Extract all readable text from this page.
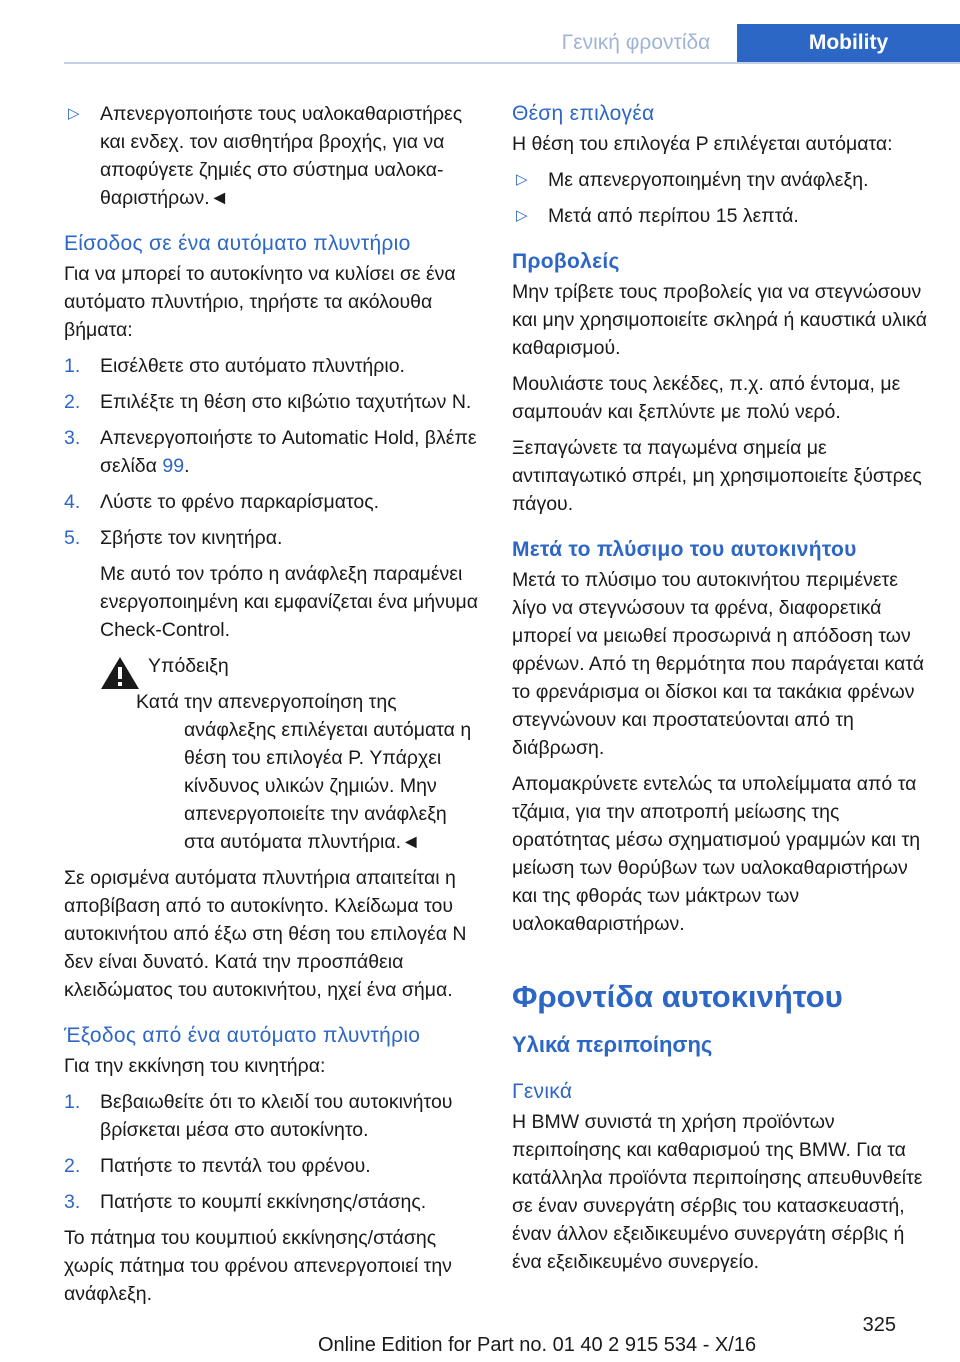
Γενική φροντίδα	Mobility
▷ Απενεργοποιήστε τους υαλοκαθαριστήρες και ενδεχ. τον αισθητήρα βροχής, για να αποφύγετε ζημιές στο σύστημα υαλοκα‐θαριστήρων.◄
Είσοδος σε ένα αυτόματο πλυντήριο

Για να μπορεί το αυτοκίνητο να κυλίσει σε ένα αυτόματο πλυντήριο, τηρήστε τα ακόλουθα βήματα:

1. Εισέλθετε στο αυτόματο πλυντήριο.
2. Επιλέξτε τη θέση στο κιβώτιο ταχυτήτων N.
3. Απενεργοποιήστε το Automatic Hold, βλέπε σελίδα 99.
4. Λύστε το φρένο παρκαρίσματος.
5. Σβήστε τον κινητήρα.
Με αυτό τον τρόπο η ανάφλεξη παραμένει ενεργοποιημένη και εμφανίζεται ένα μήνυμα Check-Control.
Υπόδειξη
Κατά την απενεργοποίηση της ανάφλεξης επιλέγεται αυτόματα η θέση του επιλογέα P. Υπάρχει κίνδυνος υλικών ζημιών. Μην απενεργοποιείτε την ανάφλεξη στα αυτόματα πλυντήρια.◄

Σε ορισμένα αυτόματα πλυντήρια απαιτείται η αποβίβαση από το αυτοκίνητο. Κλείδωμα του αυτοκινήτου από έξω στη θέση του επιλογέα N δεν είναι δυνατό. Κατά την προσπάθεια κλειδώματος του αυτοκινήτου, ηχεί ένα σήμα.

Έξοδος από ένα αυτόματο πλυντήριο

Για την εκκίνηση του κινητήρα:

1. Βεβαιωθείτε ότι το κλειδί του αυτοκινήτου βρίσκεται μέσα στο αυτοκίνητο.
2. Πατήστε το πεντάλ του φρένου.
3. Πατήστε το κουμπί εκκίνησης/στάσης.

Το πάτημα του κουμπιού εκκίνησης/στάσης χωρίς πάτημα του φρένου απενεργοποιεί την ανάφλεξη.

Θέση επιλογέα

Η θέση του επιλογέα P επιλέγεται αυτόματα:

▷ Με απενεργοποιημένη την ανάφλεξη.
▷ Μετά από περίπου 15 λεπτά.
Προβολείς

Μην τρίβετε τους προβολείς για να στεγνώσουν και μην χρησιμοποιείτε σκληρά ή καυστικά υλικά καθαρισμού.

Μουλιάστε τους λεκέδες, π.χ. από έντομα, με σαμπουάν και ξεπλύντε με πολύ νερό.

Ξεπαγώνετε τα παγωμένα σημεία με αντιπαγωτικό σπρέι, μη χρησιμοποιείτε ξύστρες πάγου.

Μετά το πλύσιμο του αυτοκινήτου

Μετά το πλύσιμο του αυτοκινήτου περιμένετε λίγο να στεγνώσουν τα φρένα, διαφορετικά μπορεί να μειωθεί προσωρινά η απόδοση των φρένων. Από τη θερμότητα που παράγεται κατά το φρενάρισμα οι δίσκοι και τα τακάκια φρένων στεγνώνουν και προστατεύονται από τη διάβρωση.

Απομακρύνετε εντελώς τα υπολείμματα από τα τζάμια, για την αποτροπή μείωσης της ορατότητας μέσω σχηματισμού γραμμών και τη μείωση των θορύβων των υαλοκαθαριστήρων και της φθοράς των μάκτρων των υαλοκαθαριστήρων.

Φροντίδα αυτοκινήτου
Υλικά περιποίησης
Γενικά

Η BMW συνιστά τη χρήση προϊόντων περιποίησης και καθαρισμού της BMW. Για τα κατάλληλα προϊόντα περιποίησης απευθυνθείτε σε έναν συνεργάτη σέρβις του κατασκευαστή, έναν άλλον εξειδικευμένο συνεργάτη σέρβις ή ένα εξειδικευμένο συνεργείο.

325
Online Edition for Part no. 01 40 2 915 534 - X/16
